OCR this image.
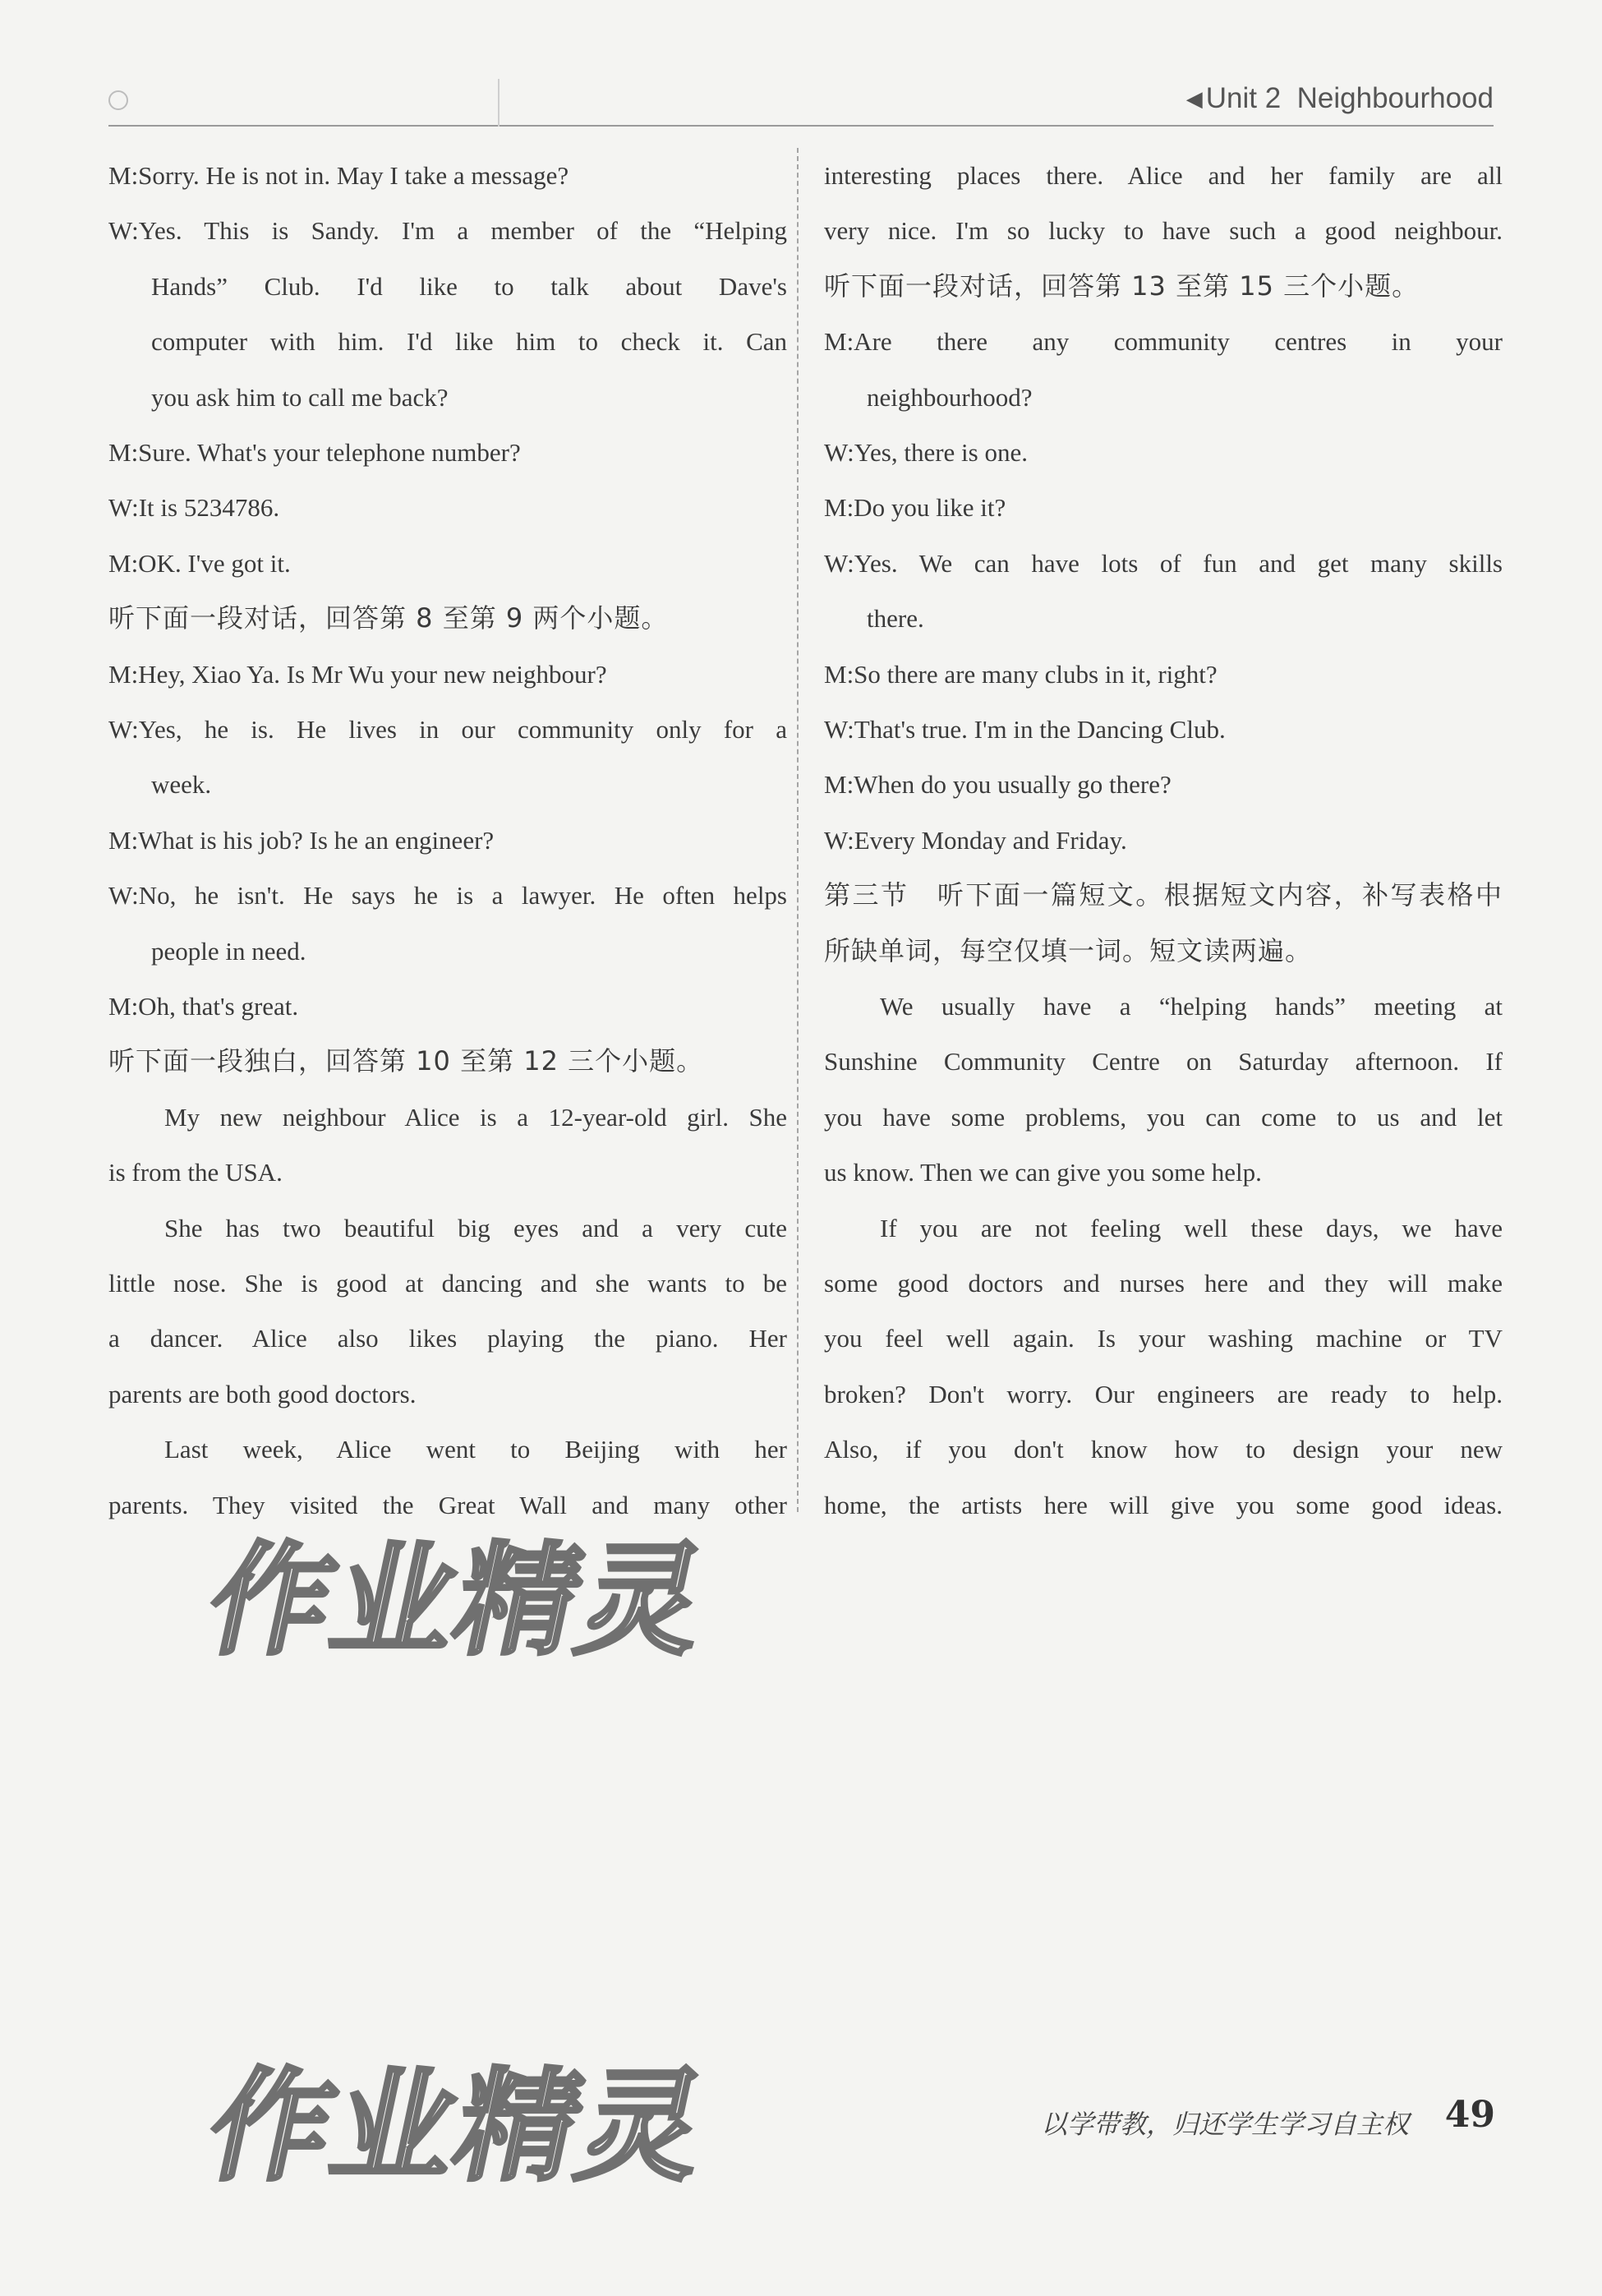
◀ Unit 2 Neighbourhood
M:Sorry. He is not in. May I take a message?
W:Yes. This is Sandy. I'm a member of the “Helping
Hands” Club. I'd like to talk about Dave's
computer with him. I'd like him to check it. Can
you ask him to call me back?
M:Sure. What's your telephone number?
W:It is 5234786.
M:OK. I've got it.
听下面一段对话，回答第 8 至第 9 两个小题。
M:Hey, Xiao Ya. Is Mr Wu your new neighbour?
W:Yes, he is. He lives in our community only for a
week.
M:What is his job? Is he an engineer?
W:No, he isn't. He says he is a lawyer. He often helps
people in need.
M:Oh, that's great.
听下面一段独白，回答第 10 至第 12 三个小题。
My new neighbour Alice is a 12-year-old girl. She
is from the USA.
She has two beautiful big eyes and a very cute
little nose. She is good at dancing and she wants to be
a dancer. Alice also likes playing the piano. Her
parents are both good doctors.
Last week, Alice went to Beijing with her
parents. They visited the Great Wall and many other
interesting places there. Alice and her family are all
very nice. I'm so lucky to have such a good neighbour.
听下面一段对话，回答第 13 至第 15 三个小题。
M:Are there any community centres in your
neighbourhood?
W:Yes, there is one.
M:Do you like it?
W:Yes. We can have lots of fun and get many skills
there.
M:So there are many clubs in it, right?
W:That's true. I'm in the Dancing Club.
M:When do you usually go there?
W:Every Monday and Friday.
第三节　听下面一篇短文。根据短文内容，补写表格中
所缺单词，每空仅填一词。短文读两遍。
We usually have a “helping hands” meeting at
Sunshine Community Centre on Saturday afternoon. If
you have some problems, you can come to us and let
us know. Then we can give you some help.
If you are not feeling well these days, we have
some good doctors and nurses here and they will make
you feel well again. Is your washing machine or TV
broken? Don't worry. Our engineers are ready to help.
Also, if you don't know how to design your new
home, the artists here will give you some good ideas.
作业精灵
作业精灵	以学带教，归还学生学习自主权 49
